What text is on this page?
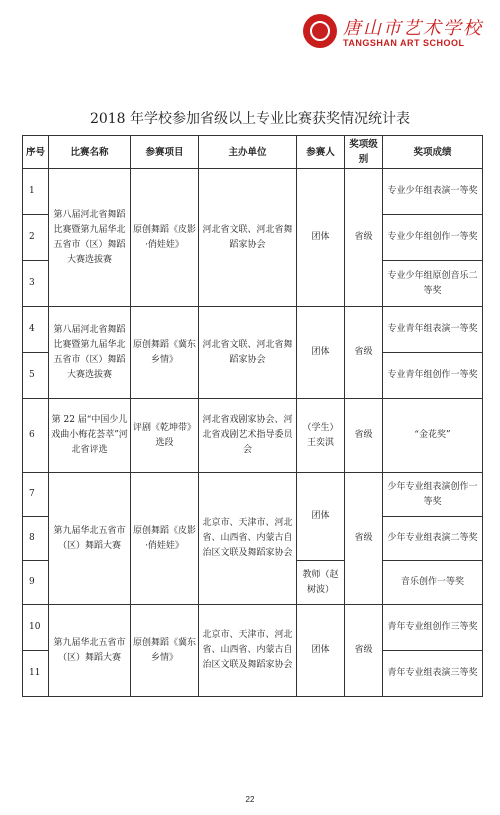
唐山市艺术学校
TANGSHAN ART SCHOOL
2018 年学校参加省级以上专业比赛获奖情况统计表
序号	比赛名称	参赛项目	主办单位	参赛人	奖项级别	奖项成绩
1	第八届河北省舞蹈比赛暨第九届华北五省市（区）舞蹈大赛选拔赛	原创舞蹈《皮影·俏娃娃》	河北省文联、河北省舞蹈家协会	团体	省级	专业少年组表演一等奖
2						专业少年组创作一等奖
3						专业少年组原创音乐二等奖
4	第八届河北省舞蹈比赛暨第九届华北五省市（区）舞蹈大赛选拔赛	原创舞蹈《冀东乡情》	河北省文联、河北省舞蹈家协会	团体	省级	专业青年组表演一等奖
5						专业青年组创作一等奖
6	第 22 届“中国少儿戏曲小梅花荟萃”河北省评选	评剧《乾坤带》选段	河北省戏剧家协会、河北省戏剧艺术指导委员会	（学生）王奕淇	省级	“金花奖”
7	第九届华北五省市（区）舞蹈大赛	原创舞蹈《皮影·俏娃娃》	北京市、天津市、河北省、山西省、内蒙古自治区文联及舞蹈家协会	团体	省级	少年专业组表演创作一等奖
8						少年专业组表演二等奖
9				教师（赵树波）		音乐创作一等奖
10	第九届华北五省市（区）舞蹈大赛	原创舞蹈《冀东乡情》	北京市、天津市、河北省、山西省、内蒙古自治区文联及舞蹈家协会	团体	省级	青年专业组创作三等奖
11						青年专业组表演三等奖
22
